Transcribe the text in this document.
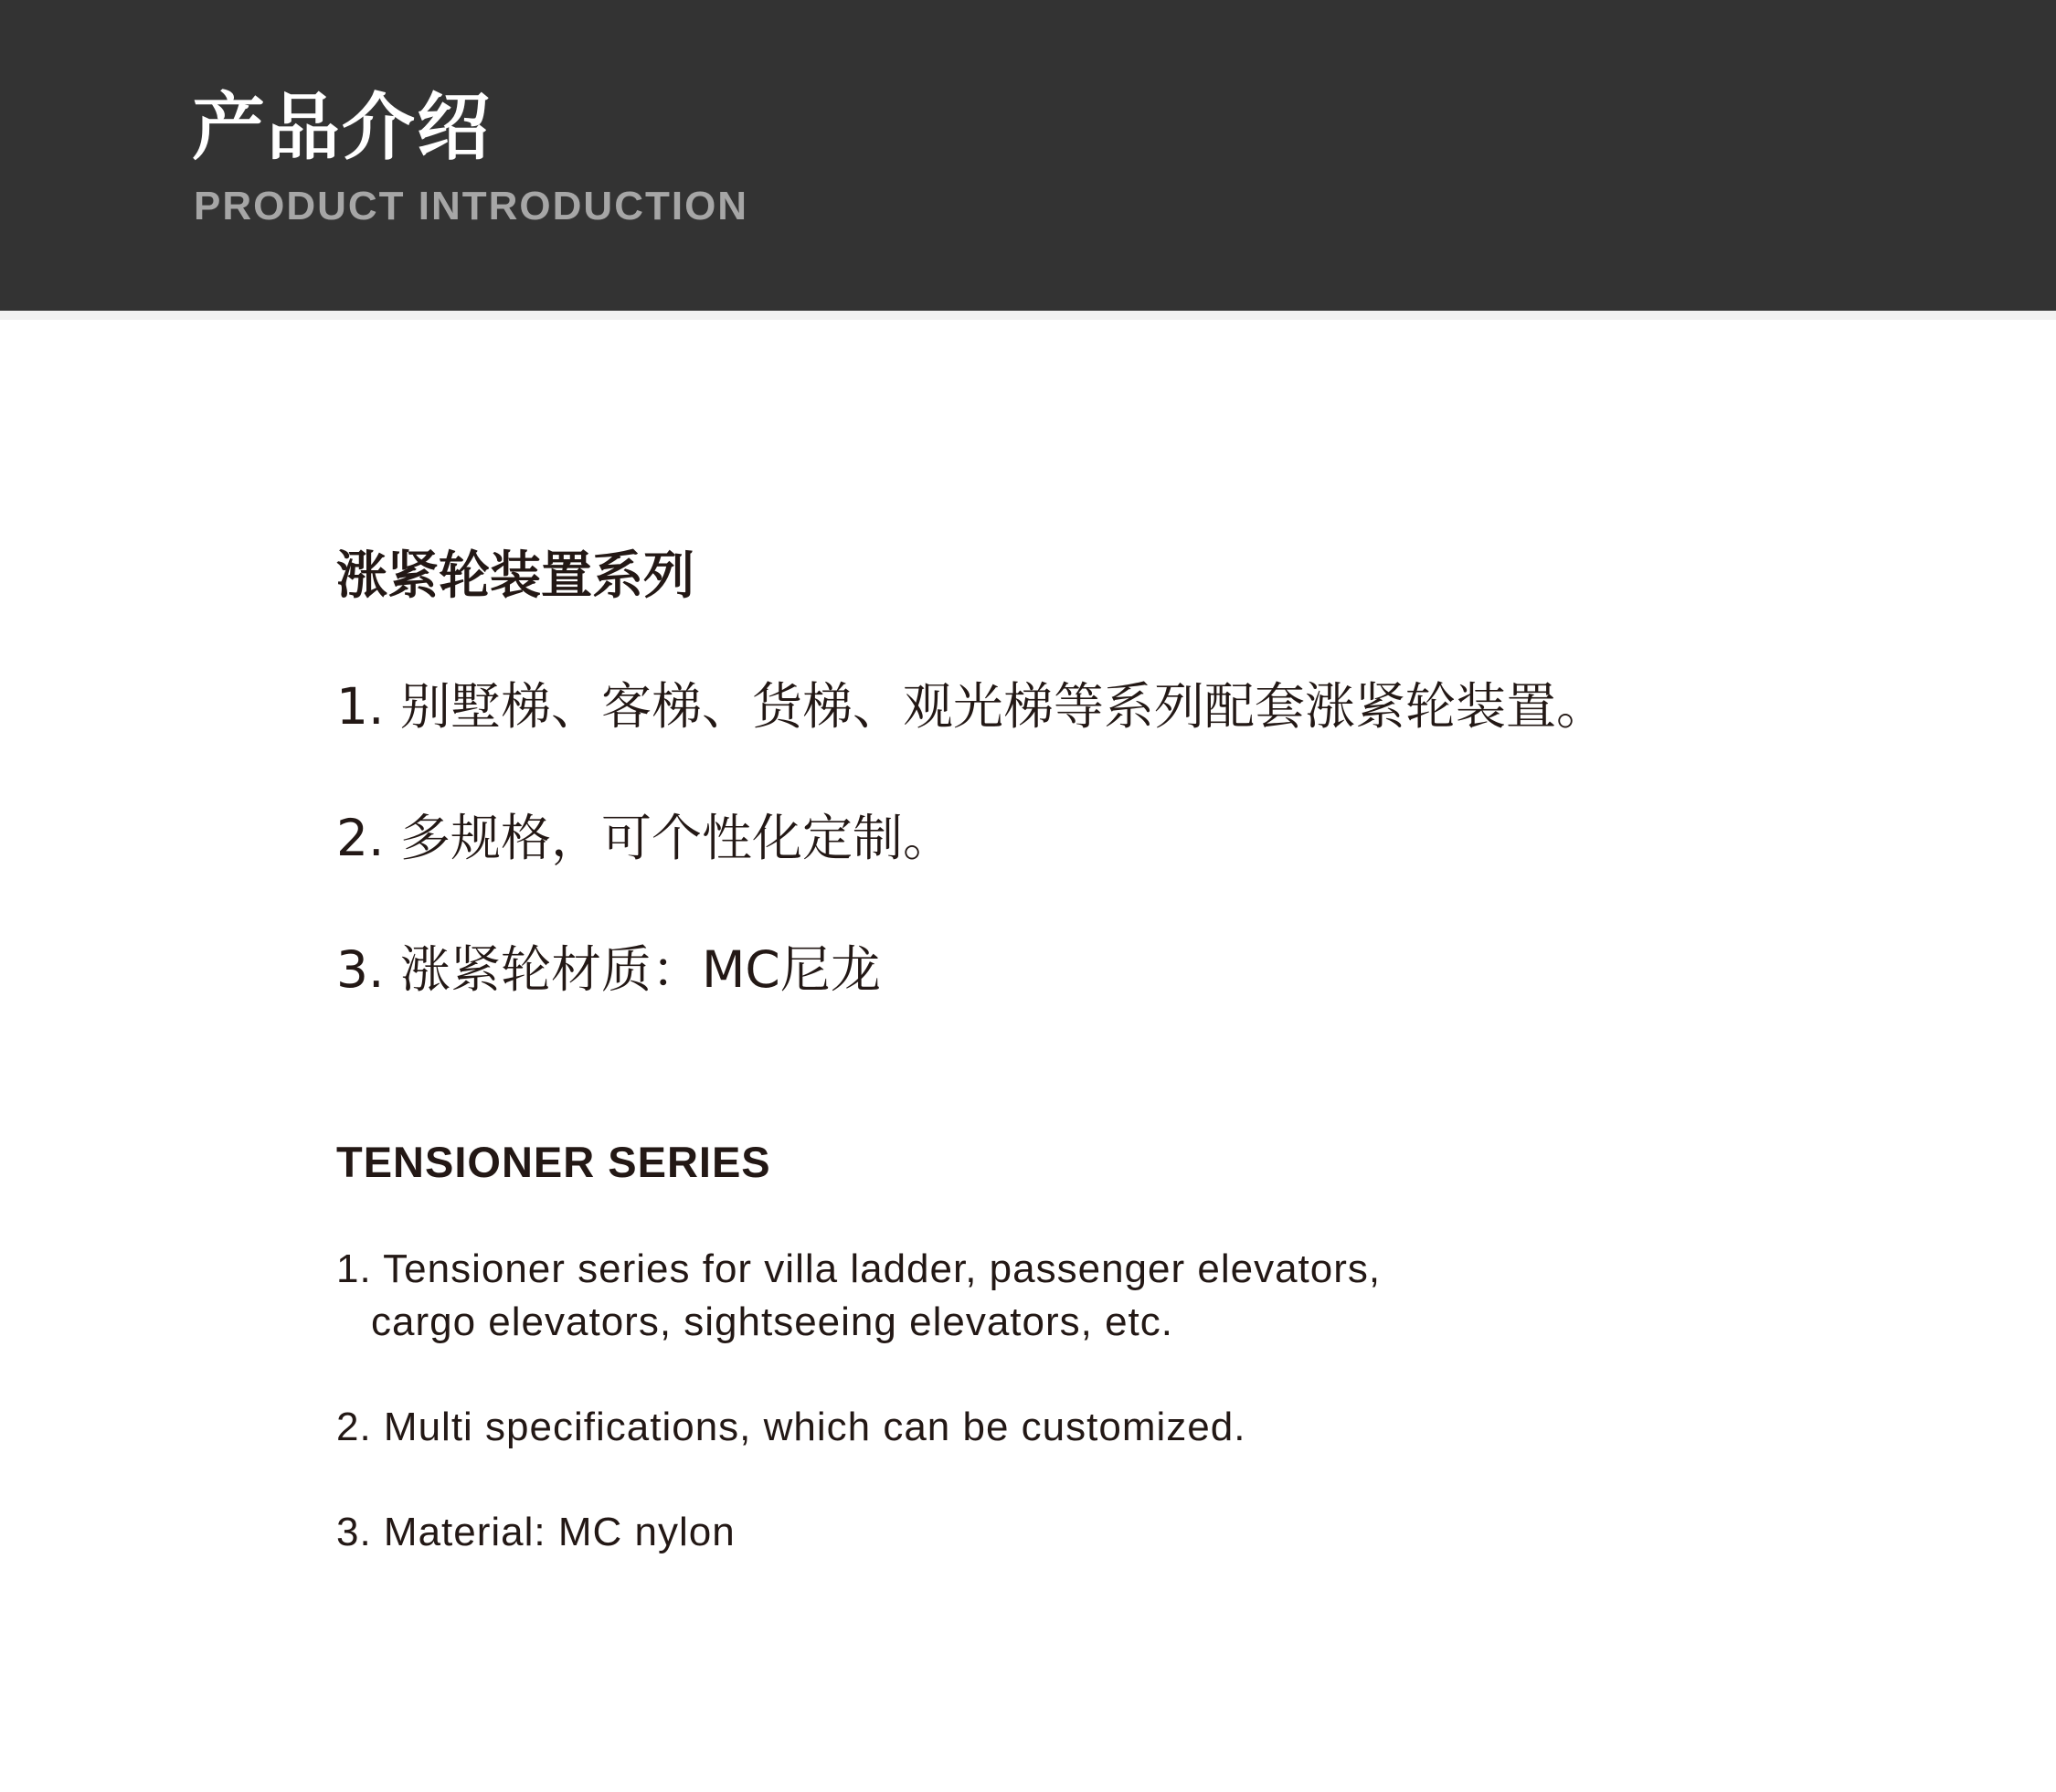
产品介绍
PRODUCT INTRODUCTION
涨紧轮装置系列
1. 别墅梯、客梯、货梯、观光梯等系列配套涨紧轮装置。
2. 多规格，可个性化定制。
3. 涨紧轮材质：MC尼龙
TENSIONER SERIES
1. Tensioner series for villa ladder, passenger elevators,
cargo elevators, sightseeing elevators, etc.
2. Multi specifications, which can be customized.
3. Material: MC nylon
